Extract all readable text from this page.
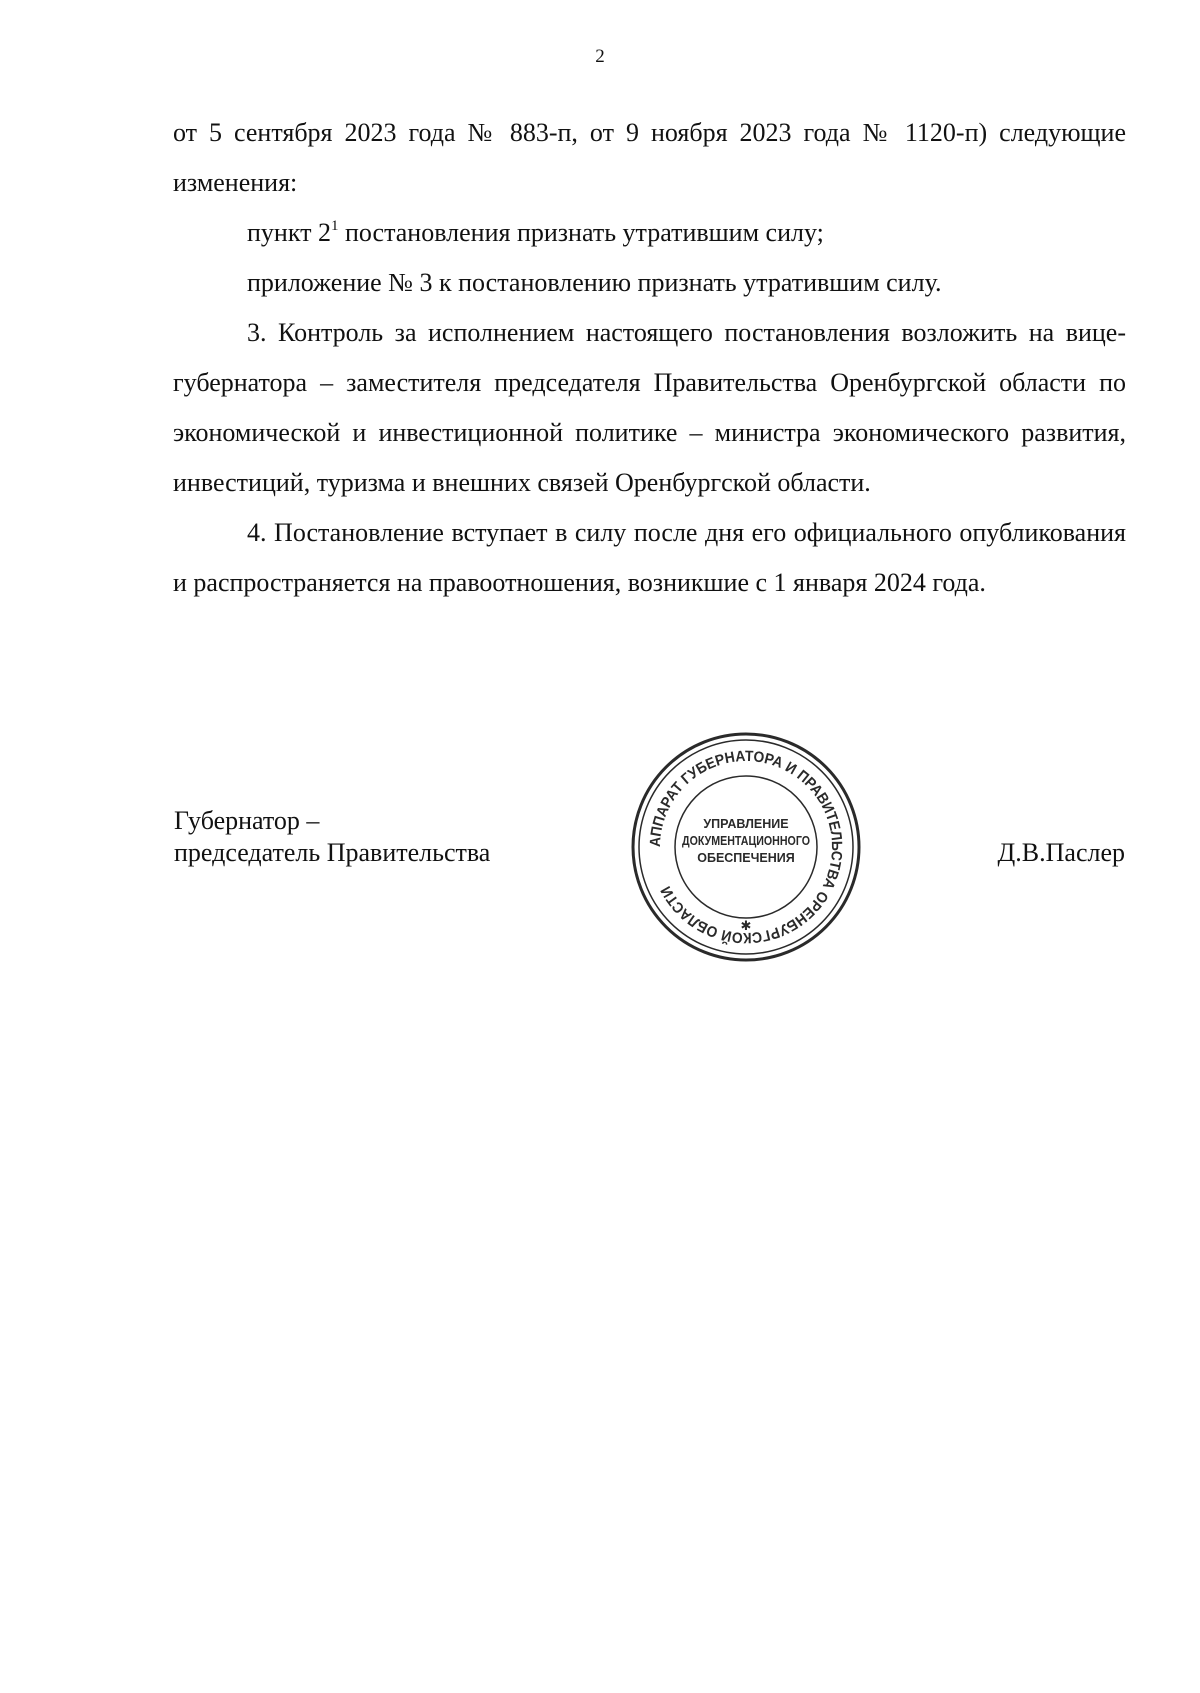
2

от 5 сентября 2023 года № 883-п, от 9 ноября 2023 года № 1120-п) следующие изменения:

пункт $2^1$ постановления признать утратившим силу;

приложение № 3 к постановлению признать утратившим силу.

3. Контроль за исполнением настоящего постановления возложить на вице-губернатора – заместителя председателя Правительства Оренбургской области по экономической и инвестиционной политике – министра экономического развития, инвестиций, туризма и внешних связей Оренбургской области.

4. Постановление вступает в силу после дня его официального опубликования и распространяется на правоотношения, возникшие с 1 января 2024 года.

Губернатор –
председатель Правительства	Д.В.Паслер
АППАРАТ ГУБЕРНАТОРА И ПРАВИТЕЛЬСТВА ОРЕНБУРГСКОЙ ОБЛАСТИ
✱
УПРАВЛЕНИЕ
ДОКУМЕНТАЦИОННОГО
ОБЕСПЕЧЕНИЯ
